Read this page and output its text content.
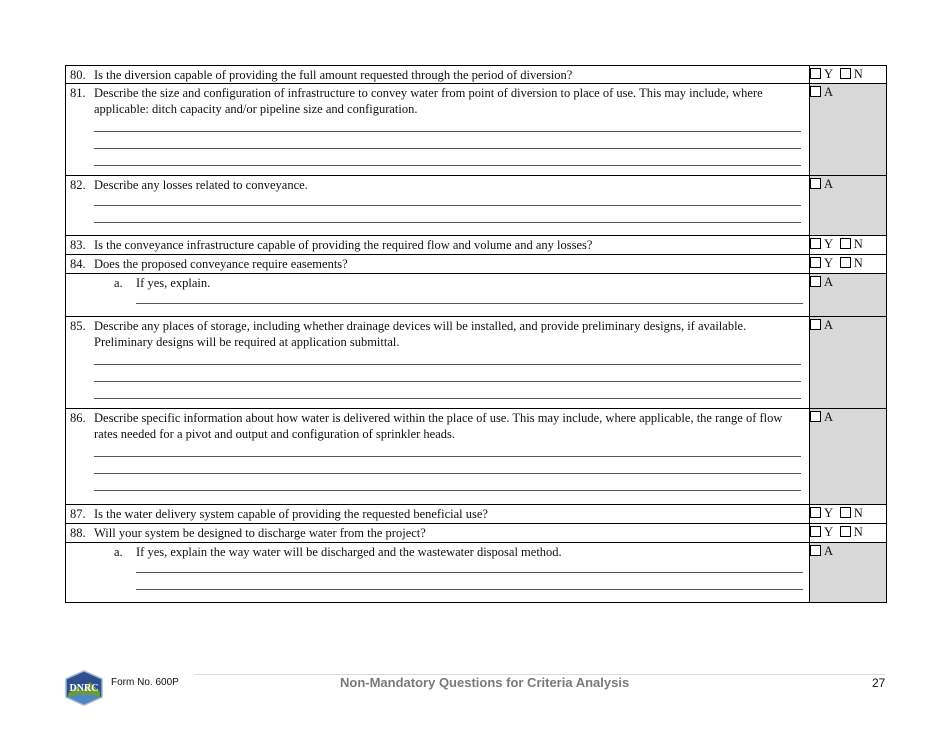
80. Is the diversion capable of providing the full amount requested through the period of diversion?	Y N

81. Describe the size and configuration of infrastructure to convey water from point of diversion to place of use. This may include, where applicable: ditch capacity and/or pipeline size and configuration.	A

82. Describe any losses related to conveyance.	A

83. Is the conveyance infrastructure capable of providing the required flow and volume and any losses?	Y N

84. Does the proposed conveyance require easements?	Y N

a. If yes, explain.	A

85. Describe any places of storage, including whether drainage devices will be installed, and provide preliminary designs, if available. Preliminary designs will be required at application submittal.	A

86. Describe specific information about how water is delivered within the place of use. This may include, where applicable, the range of flow rates needed for a pivot and output and configuration of sprinkler heads.	A

87. Is the water delivery system capable of providing the requested beneficial use?	Y N

88. Will your system be designed to discharge water from the project?	Y N

a. If yes, explain the way water will be discharged and the wastewater disposal method.	A
DNRC
Form No. 600P	Non-Mandatory Questions for Criteria Analysis	27
